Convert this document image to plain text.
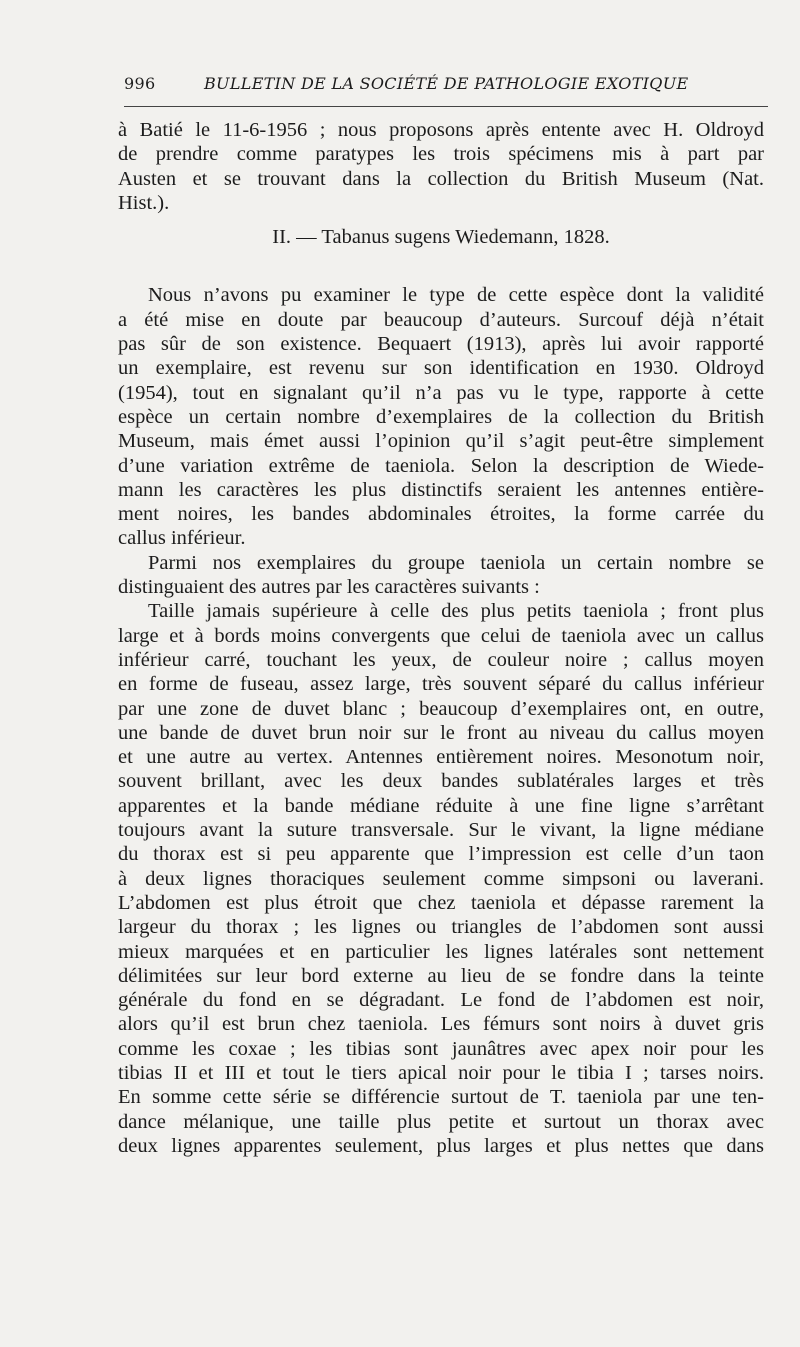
996	BULLETIN DE LA SOCIÉTÉ DE PATHOLOGIE EXOTIQUE
à Batié le 11-6-1956 ; nous proposons après entente avec H. Oldroyd
de prendre comme paratypes les trois spécimens mis à part par
Austen et se trouvant dans la collection du British Museum (Nat.
Hist.).
II. — Tabanus sugens Wiedemann, 1828.
Nous n’avons pu examiner le type de cette espèce dont la validité
a été mise en doute par beaucoup d’auteurs. Surcouf déjà n’était
pas sûr de son existence. Bequaert (1913), après lui avoir rapporté
un exemplaire, est revenu sur son identification en 1930. Oldroyd
(1954), tout en signalant qu’il n’a pas vu le type, rapporte à cette
espèce un certain nombre d’exemplaires de la collection du British
Museum, mais émet aussi l’opinion qu’il s’agit peut-être simplement
d’une variation extrême de taeniola. Selon la description de Wiede-
mann les caractères les plus distinctifs seraient les antennes entière-
ment noires, les bandes abdominales étroites, la forme carrée du
callus inférieur.
Parmi nos exemplaires du groupe taeniola un certain nombre se
distinguaient des autres par les caractères suivants :
Taille jamais supérieure à celle des plus petits taeniola ; front plus
large et à bords moins convergents que celui de taeniola avec un callus
inférieur carré, touchant les yeux, de couleur noire ; callus moyen
en forme de fuseau, assez large, très souvent séparé du callus inférieur
par une zone de duvet blanc ; beaucoup d’exemplaires ont, en outre,
une bande de duvet brun noir sur le front au niveau du callus moyen
et une autre au vertex. Antennes entièrement noires. Mesonotum noir,
souvent brillant, avec les deux bandes sublatérales larges et très
apparentes et la bande médiane réduite à une fine ligne s’arrêtant
toujours avant la suture transversale. Sur le vivant, la ligne médiane
du thorax est si peu apparente que l’impression est celle d’un taon
à deux lignes thoraciques seulement comme simpsoni ou laverani.
L’abdomen est plus étroit que chez taeniola et dépasse rarement la
largeur du thorax ; les lignes ou triangles de l’abdomen sont aussi
mieux marquées et en particulier les lignes latérales sont nettement
délimitées sur leur bord externe au lieu de se fondre dans la teinte
générale du fond en se dégradant. Le fond de l’abdomen est noir,
alors qu’il est brun chez taeniola. Les fémurs sont noirs à duvet gris
comme les coxae ; les tibias sont jaunâtres avec apex noir pour les
tibias II et III et tout le tiers apical noir pour le tibia I ; tarses noirs.
En somme cette série se différencie surtout de T. taeniola par une ten-
dance mélanique, une taille plus petite et surtout un thorax avec
deux lignes apparentes seulement, plus larges et plus nettes que dans
